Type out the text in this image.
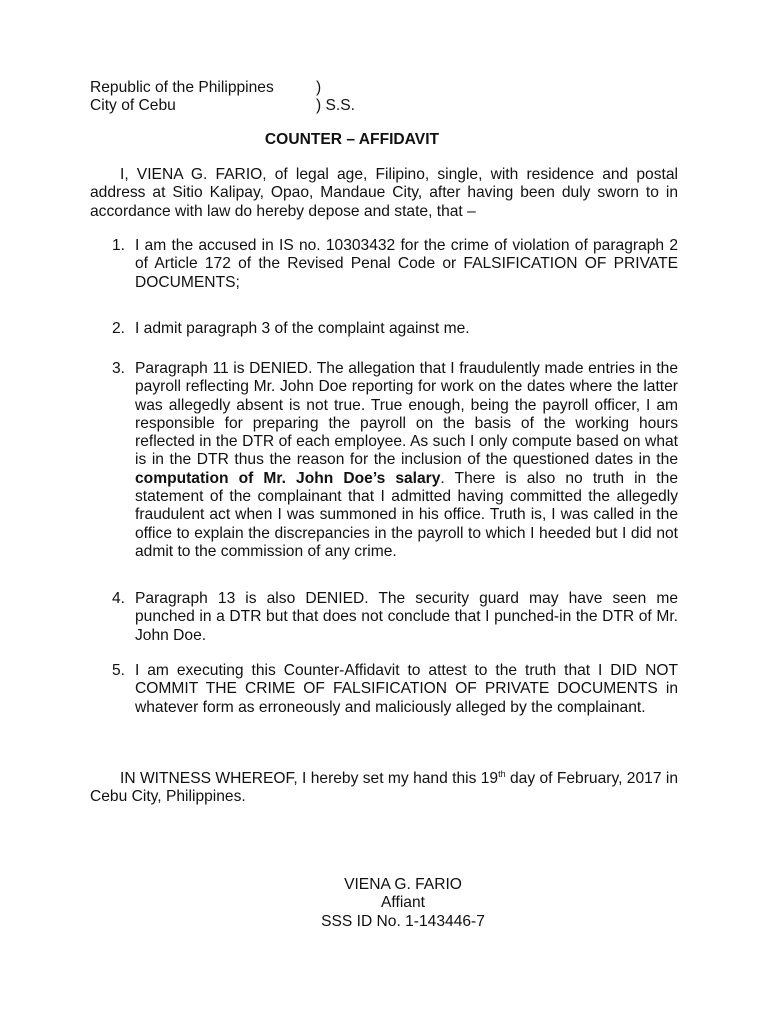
Republic of the Philippines	)
City of Cebu	) S.S.
COUNTER – AFFIDAVIT

I, VIENA G. FARIO, of legal age, Filipino, single, with residence and postal address at Sitio Kalipay, Opao, Mandaue City, after having been duly sworn to in accordance with law do hereby depose and state, that –

1. I am the accused in IS no. 10303432 for the crime of violation of paragraph 2 of Article 172 of the Revised Penal Code or FALSIFICATION OF PRIVATE DOCUMENTS;
2. I admit paragraph 3 of the complaint against me.
3. Paragraph 11 is DENIED. The allegation that I fraudulently made entries in the payroll reflecting Mr. John Doe reporting for work on the dates where the latter was allegedly absent is not true. True enough, being the payroll officer, I am responsible for preparing the payroll on the basis of the working hours reflected in the DTR of each employee. As such I only compute based on what is in the DTR thus the reason for the inclusion of the questioned dates in the computation of Mr. John Doe’s salary. There is also no truth in the statement of the complainant that I admitted having committed the allegedly fraudulent act when I was summoned in his office. Truth is, I was called in the office to explain the discrepancies in the payroll to which I heeded but I did not admit to the commission of any crime.
4. Paragraph 13 is also DENIED. The security guard may have seen me punched in a DTR but that does not conclude that I punched-in the DTR of Mr. John Doe.
5. I am executing this Counter-Affidavit to attest to the truth that I DID NOT COMMIT THE CRIME OF FALSIFICATION OF PRIVATE DOCUMENTS in whatever form as erroneously and maliciously alleged by the complainant.

IN WITNESS WHEREOF, I hereby set my hand this 19th day of February, 2017 in Cebu City, Philippines.

VIENA G. FARIO
Affiant
SSS ID No. 1-143446-7
